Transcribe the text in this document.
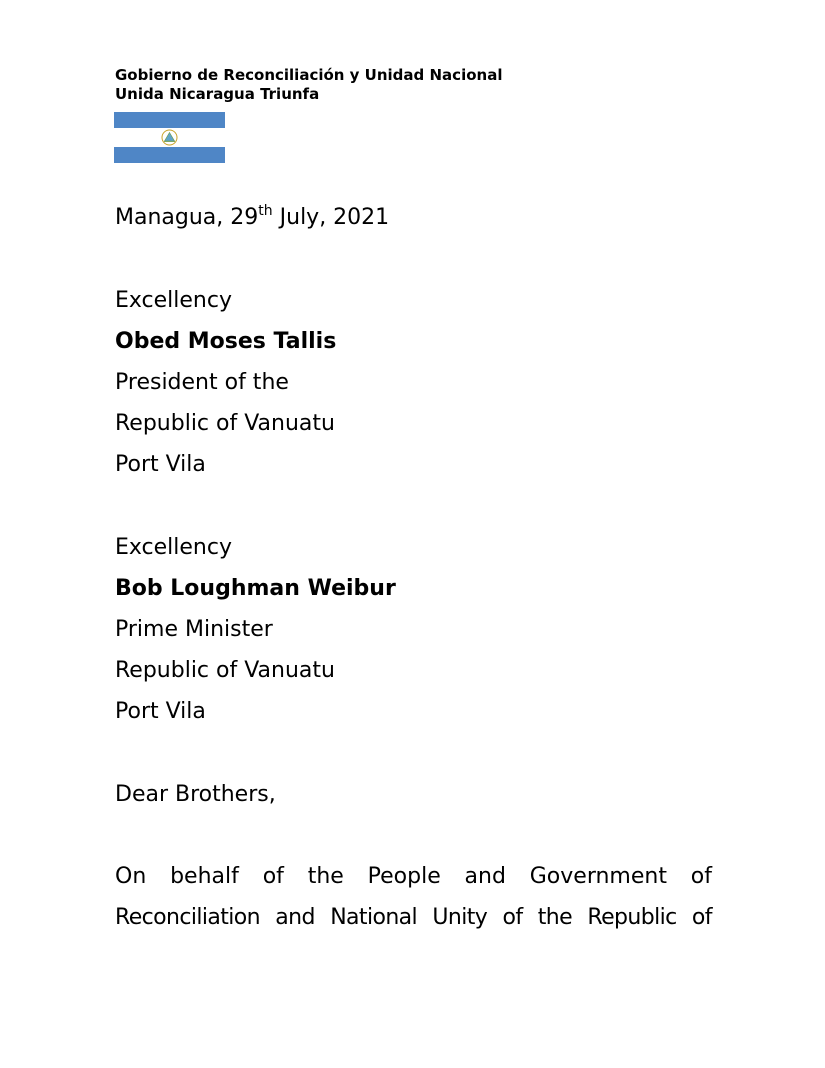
Gobierno de Reconciliación y Unidad Nacional
Unida Nicaragua Triunfa
Managua, 29th July, 2021
Excellency
Obed Moses Tallis
President of the
Republic of Vanuatu
Port Vila
Excellency
Bob Loughman Weibur
Prime Minister
Republic of Vanuatu
Port Vila
Dear Brothers,
On behalf of the People and Government of
Reconciliation and National Unity of the Republic of
